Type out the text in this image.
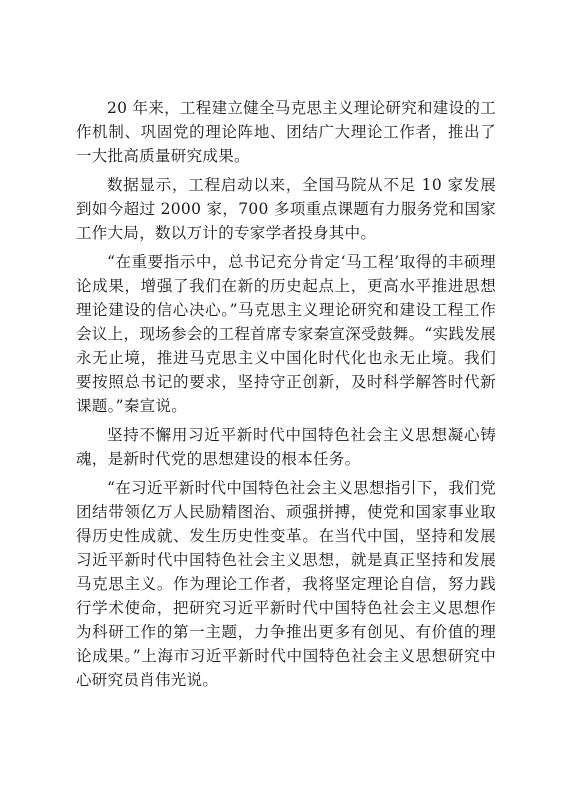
20 年来，工程建立健全马克思主义理论研究和建设的工作机制、巩固党的理论阵地、团结广大理论工作者，推出了一大批高质量研究成果。

数据显示，工程启动以来，全国马院从不足 10 家发展到如今超过 2000 家，700 多项重点课题有力服务党和国家工作大局，数以万计的专家学者投身其中。

“在重要指示中，总书记充分肯定‘马工程’取得的丰硕理论成果，增强了我们在新的历史起点上，更高水平推进思想理论建设的信心决心。”马克思主义理论研究和建设工程工作会议上，现场参会的工程首席专家秦宣深受鼓舞。“实践发展永无止境，推进马克思主义中国化时代化也永无止境。我们要按照总书记的要求，坚持守正创新，及时科学解答时代新课题。”秦宣说。

坚持不懈用习近平新时代中国特色社会主义思想凝心铸魂，是新时代党的思想建设的根本任务。

“在习近平新时代中国特色社会主义思想指引下，我们党团结带领亿万人民励精图治、顽强拼搏，使党和国家事业取得历史性成就、发生历史性变革。在当代中国，坚持和发展习近平新时代中国特色社会主义思想，就是真正坚持和发展马克思主义。作为理论工作者，我将坚定理论自信，努力践行学术使命，把研究习近平新时代中国特色社会主义思想作为科研工作的第一主题，力争推出更多有创见、有价值的理论成果。”上海市习近平新时代中国特色社会主义思想研究中心研究员肖伟光说。
